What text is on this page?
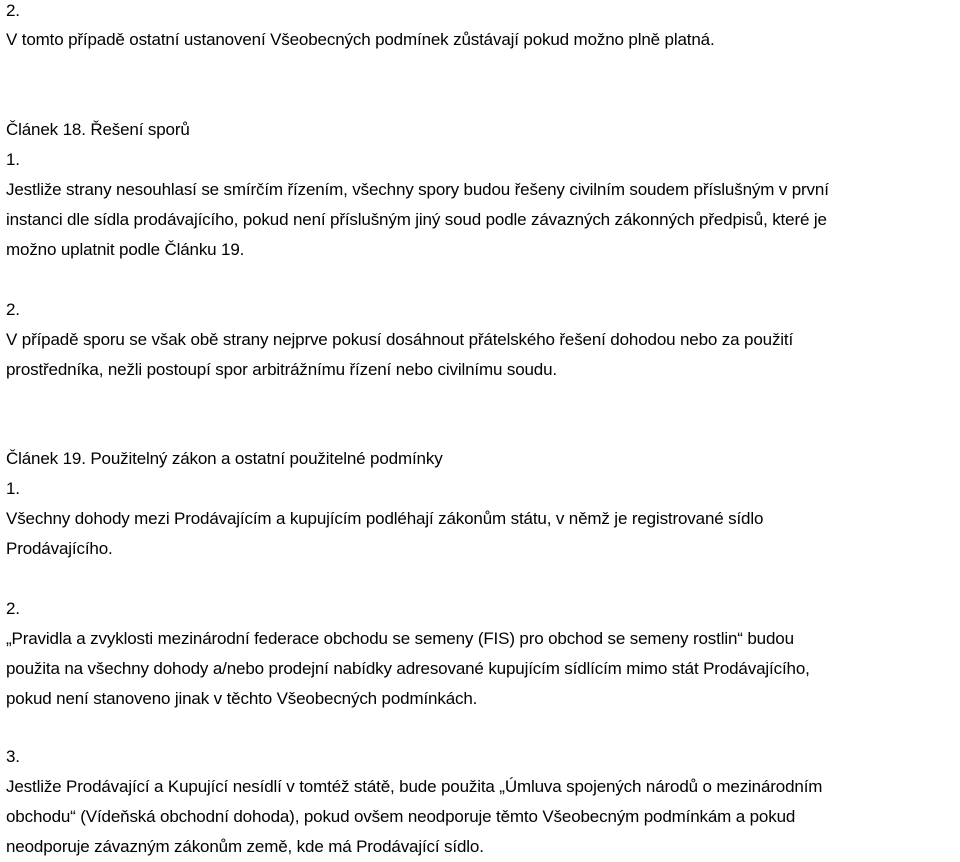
2.
V tomto případě ostatní ustanovení Všeobecných podmínek zůstávají pokud možno plně platná.
Článek 18. Řešení sporů
1.
Jestliže strany nesouhlasí se smírčím řízením, všechny spory budou řešeny civilním soudem příslušným v první
instanci dle sídla prodávajícího, pokud není příslušným jiný soud podle závazných zákonných předpisů, které je
možno uplatnit podle Článku 19.
2.
V případě sporu se však obě strany nejprve pokusí dosáhnout přátelského řešení dohodou nebo za použití
prostředníka, nežli postoupí spor arbitrážnímu řízení nebo civilnímu soudu.
Článek 19. Použitelný zákon a ostatní použitelné podmínky
1.
Všechny dohody mezi Prodávajícím a kupujícím podléhají zákonům státu, v němž je registrované sídlo
Prodávajícího.
2.
„Pravidla a zvyklosti mezinárodní federace obchodu se semeny (FIS) pro obchod se semeny rostlin“ budou
použita na všechny dohody a/nebo prodejní nabídky adresované kupujícím sídlícím mimo stát Prodávajícího,
pokud není stanoveno jinak v těchto Všeobecných podmínkách.
3.
Jestliže Prodávající a Kupující nesídlí v tomtéž státě, bude použita „Úmluva spojených národů o mezinárodním
obchodu“ (Vídeňská obchodní dohoda), pokud ovšem neodporuje těmto Všeobecným podmínkám a pokud
neodporuje závazným zákonům země, kde má Prodávající sídlo.
